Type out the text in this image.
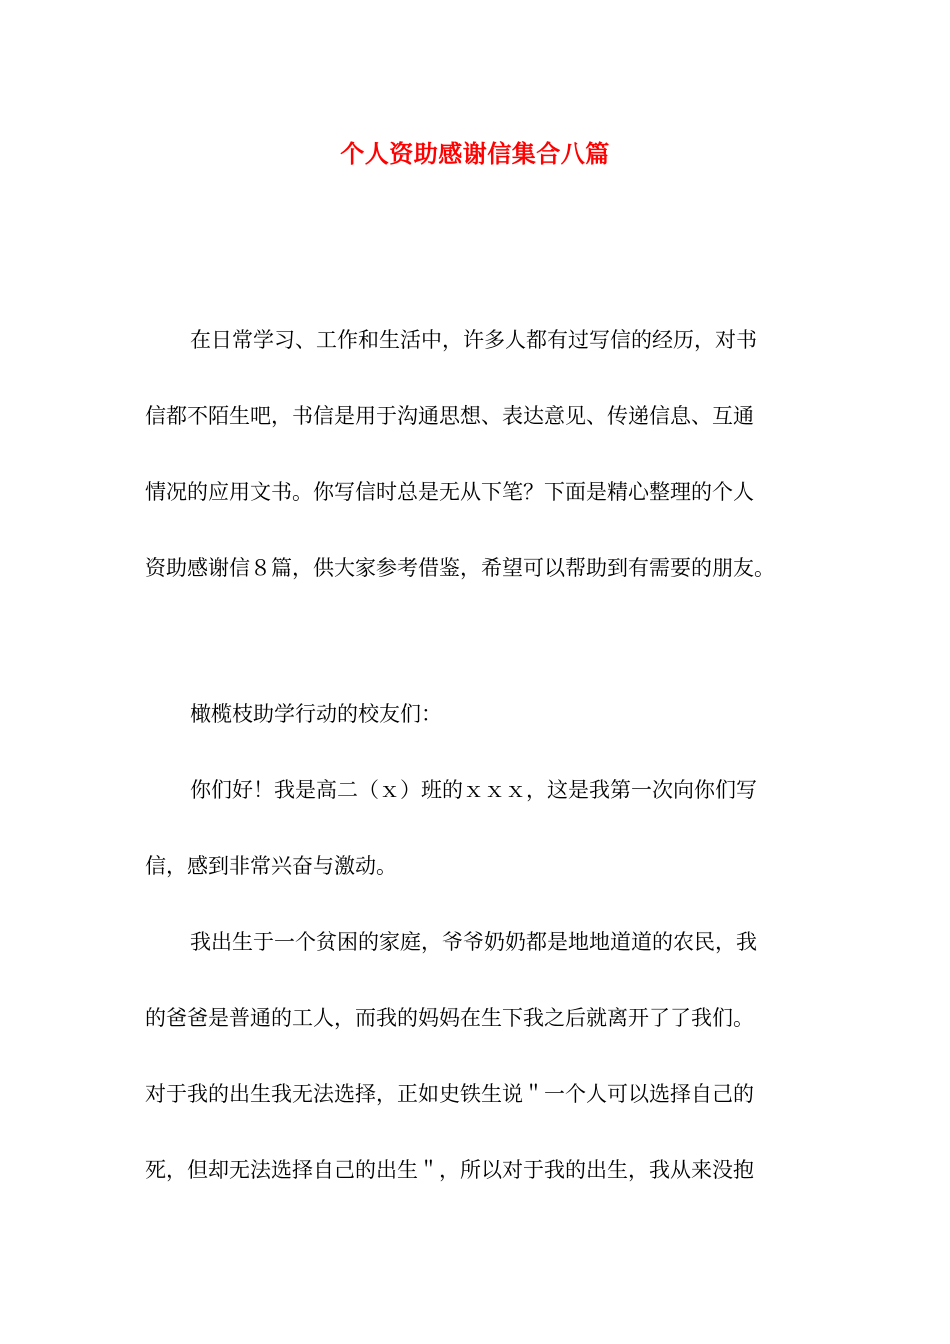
个人资助感谢信集合八篇
在日常学习、工作和生活中，许多人都有过写信的经历，对书
信都不陌生吧，书信是用于沟通思想、表达意见、传递信息、互通
情况的应用文书。你写信时总是无从下笔？下面是精心整理的个人
资助感谢信８篇，供大家参考借鉴，希望可以帮助到有需要的朋友。
橄榄枝助学行动的校友们：
你们好！我是高二（ｘ）班的ｘｘｘ，这是我第一次向你们写
信，感到非常兴奋与激动。
我出生于一个贫困的家庭，爷爷奶奶都是地地道道的农民，我
的爸爸是普通的工人，而我的妈妈在生下我之后就离开了了我们。
对于我的出生我无法选择，正如史铁生说＂一个人可以选择自己的
死，但却无法选择自己的出生＂，所以对于我的出生，我从来没抱
